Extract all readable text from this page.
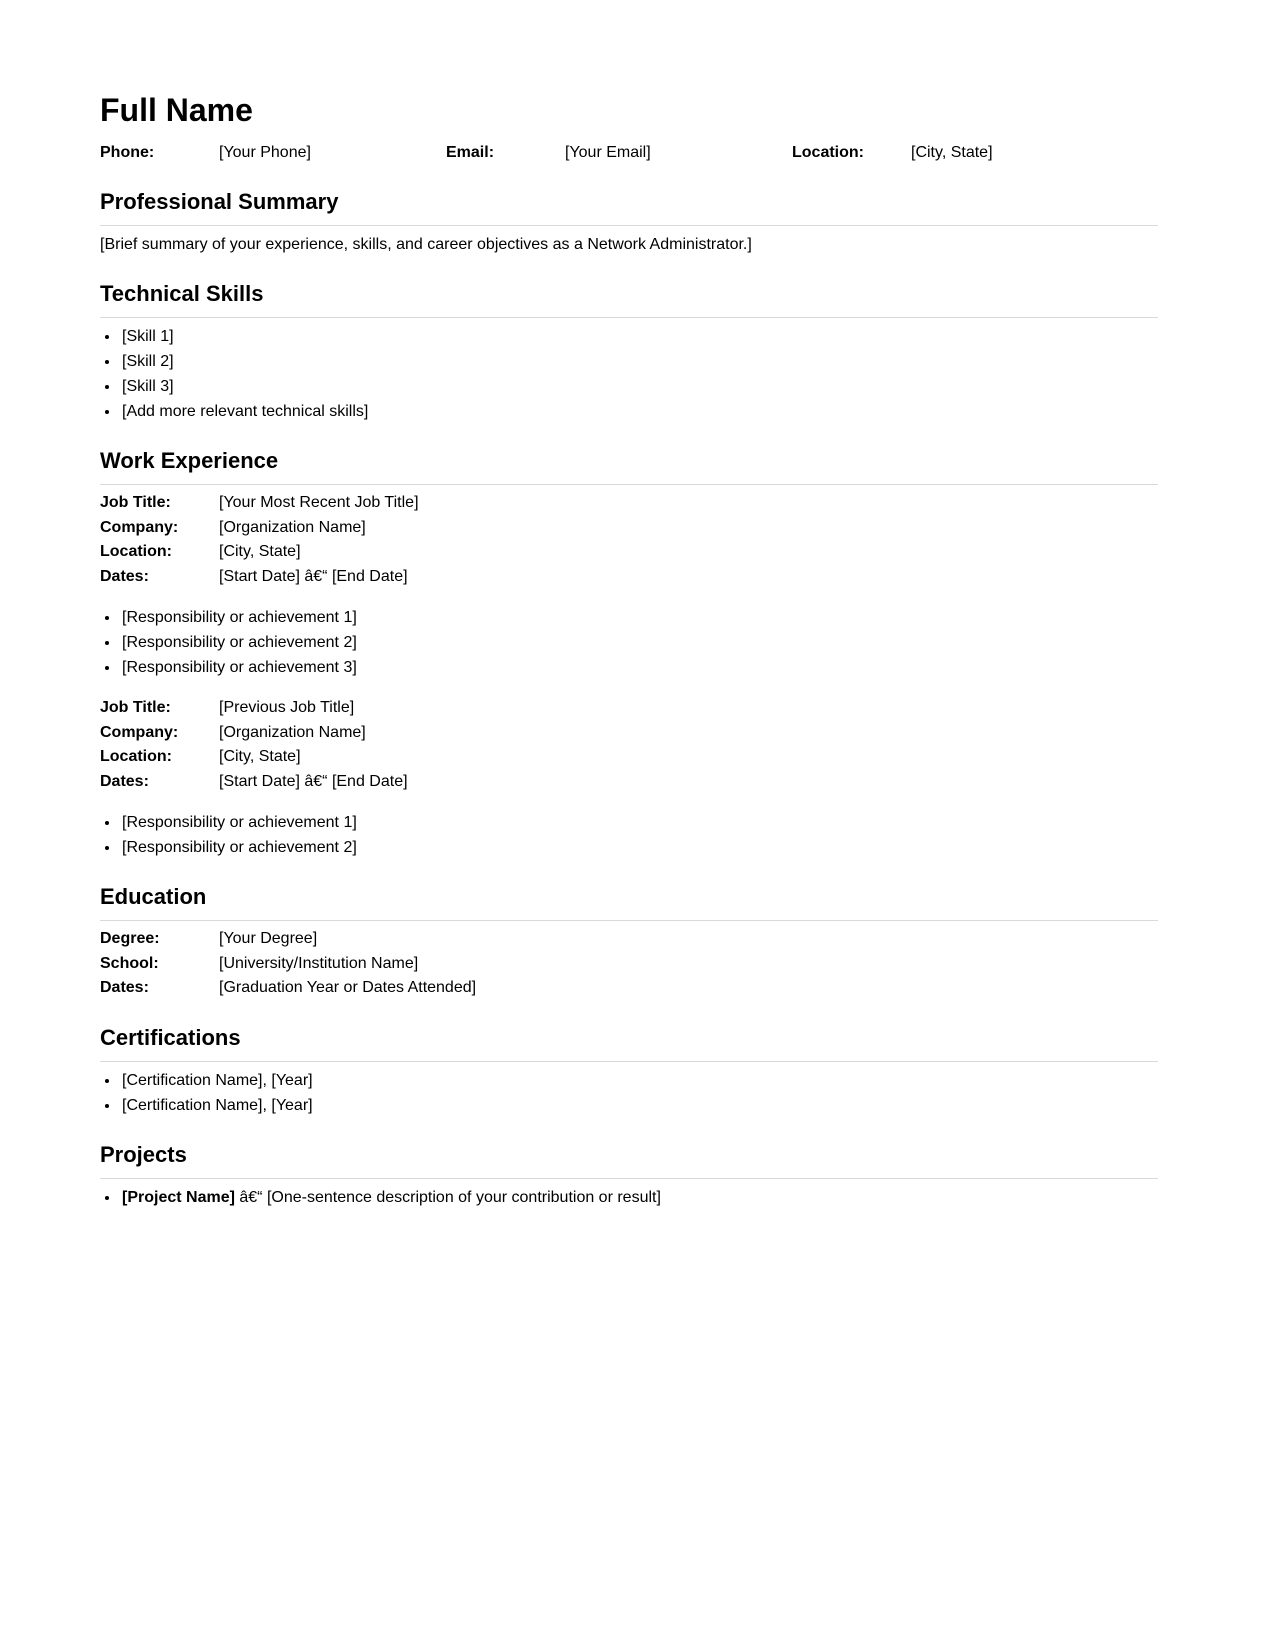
Full Name
Phone:	[Your Phone]	Email:	[Your Email]	Location:	[City, State]
Professional Summary

[Brief summary of your experience, skills, and career objectives as a Network Administrator.]

Technical Skills
• [Skill 1]
• [Skill 2]
• [Skill 3]
• [Add more relevant technical skills]
Work Experience
Job Title:	[Your Most Recent Job Title]
Company:	[Organization Name]
Location:	[City, State]
Dates:	[Start Date] â€“ [End Date]
• [Responsibility or achievement 1]
• [Responsibility or achievement 2]
• [Responsibility or achievement 3]
Job Title:	[Previous Job Title]
Company:	[Organization Name]
Location:	[City, State]
Dates:	[Start Date] â€“ [End Date]
• [Responsibility or achievement 1]
• [Responsibility or achievement 2]
Education
Degree:	[Your Degree]
School:	[University/Institution Name]
Dates:	[Graduation Year or Dates Attended]
Certifications
• [Certification Name], [Year]
• [Certification Name], [Year]
Projects
• [Project Name] â€“ [One-sentence description of your contribution or result]
